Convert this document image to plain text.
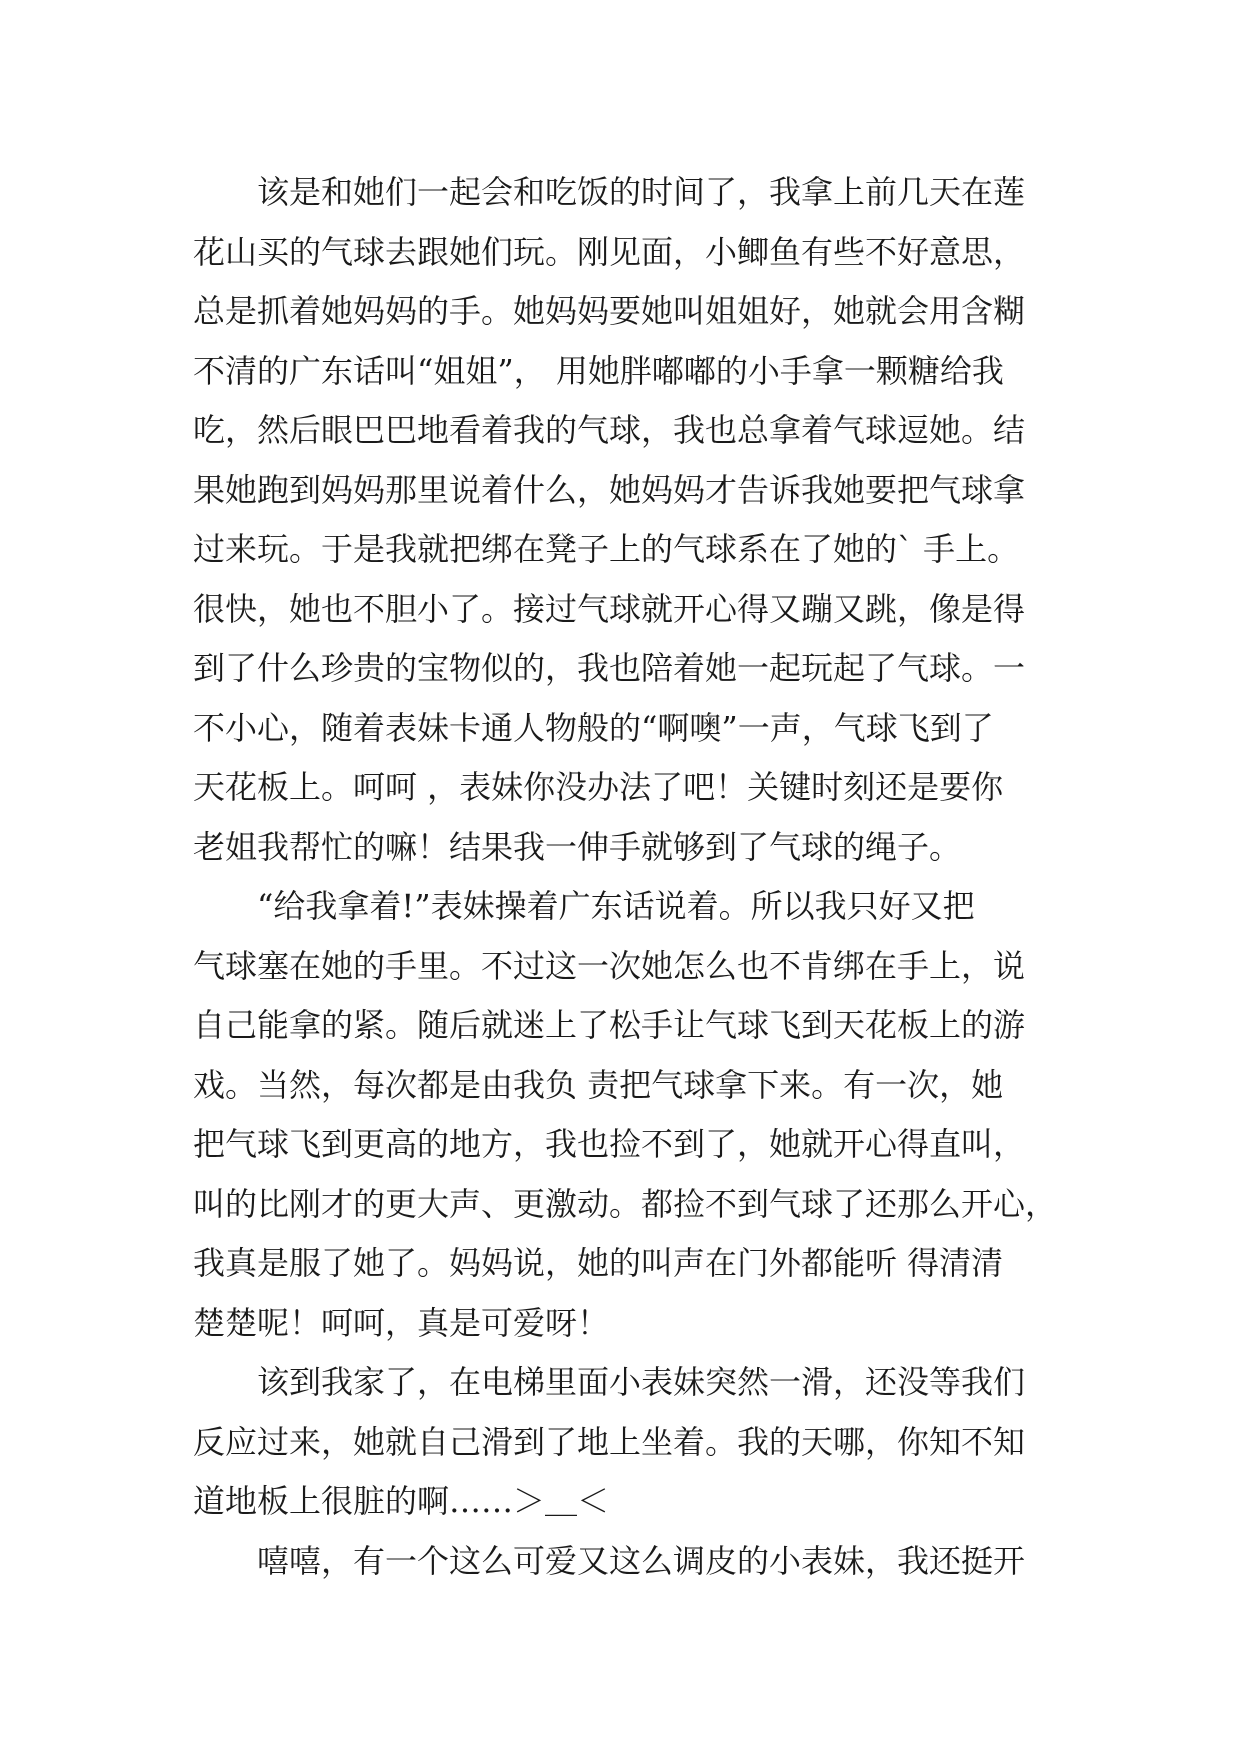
该是和她们一起会和吃饭的时间了，我拿上前几天在莲
花山买的气球去跟她们玩。刚见面，小鲫鱼有些不好意思，
总是抓着她妈妈的手。她妈妈要她叫姐姐好，她就会用含糊
不清的广东话叫“姐姐”， 用她胖嘟嘟的小手拿一颗糖给我
吃，然后眼巴巴地看着我的气球，我也总拿着气球逗她。结
果她跑到妈妈那里说着什么，她妈妈才告诉我她要把气球拿
过来玩。于是我就把绑在凳子上的气球系在了她的` 手上。
很快，她也不胆小了。接过气球就开心得又蹦又跳，像是得
到了什么珍贵的宝物似的，我也陪着她一起玩起了气球。一
不小心，随着表妹卡通人物般的“啊噢”一声，气球飞到了
天花板上。呵呵 ，表妹你没办法了吧！关键时刻还是要你
老姐我帮忙的嘛！结果我一伸手就够到了气球的绳子。
“给我拿着!”表妹操着广东话说着。所以我只好又把
气球塞在她的手里。不过这一次她怎么也不肯绑在手上，说
自己能拿的紧。随后就迷上了松手让气球飞到天花板上的游
戏。当然，每次都是由我负 责把气球拿下来。有一次，她
把气球飞到更高的地方，我也捡不到了，她就开心得直叫，
叫的比刚才的更大声、更激动。都捡不到气球了还那么开心，
我真是服了她了。妈妈说，她的叫声在门外都能听 得清清
楚楚呢！呵呵，真是可爱呀！
该到我家了，在电梯里面小表妹突然一滑，还没等我们
反应过来，她就自己滑到了地上坐着。我的天哪，你知不知
道地板上很脏的啊……＞＿＜
嘻嘻，有一个这么可爱又这么调皮的小表妹，我还挺开
